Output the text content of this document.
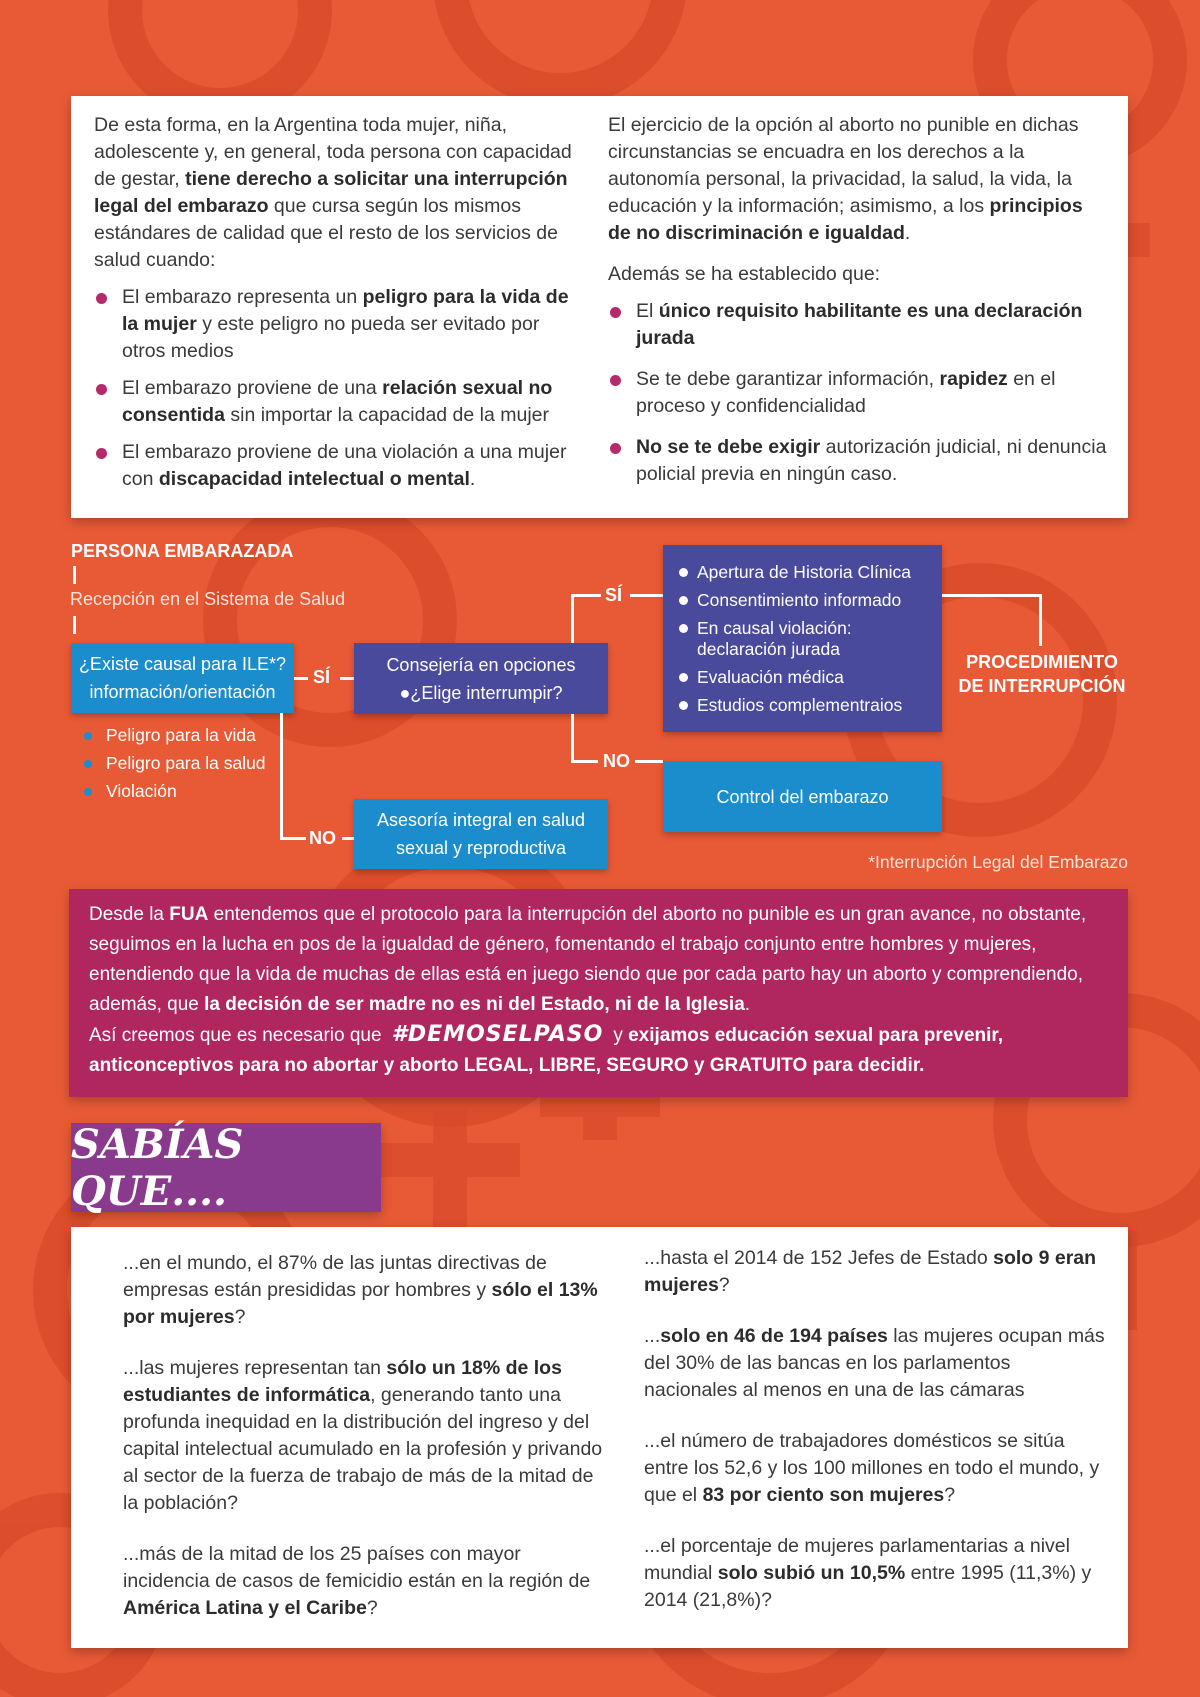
De esta forma, en la Argentina toda mujer, niña, adolescente y, en general, toda persona con capacidad de gestar, tiene derecho a solicitar una interrupción legal del embarazo que cursa según los mismos estándares de calidad que el resto de los servicios de salud cuando:

El embarazo representa un peligro para la vida de la mujer y este peligro no pueda ser evitado por otros medios
El embarazo proviene de una relación sexual no consentida sin importar la capacidad de la mujer
El embarazo proviene de una violación a una mujer con discapacidad intelectual o mental.

El ejercicio de la opción al aborto no punible en dichas circunstancias se encuadra en los derechos a la autonomía personal, la privacidad, la salud, la vida, la educación y la información; asimismo, a los principios de no discriminación e igualdad.

Además se ha establecido que:

El único requisito habilitante es una declaración jurada
Se te debe garantizar información, rapidez en el proceso y confidencialidad
No se te debe exigir autorización judicial, ni denuncia policial previa en ningún caso.
PERSONA EMBARAZADA
Recepción en el Sistema de Salud
¿Existe causal para ILE*?
información/orientación
Peligro para la vida
Peligro para la salud
Violación
SÍ
Consejería en opciones
●¿Elige interrumpir?
NO
Asesoría integral en salud
sexual y reproductiva
SÍ
NO
Apertura de Historia Clínica
Consentimiento informado
En causal violación: declaración jurada
Evaluación médica
Estudios complementraios
PROCEDIMIENTO
DE INTERRUPCIÓN
Control del embarazo
*Interrupción Legal del Embarazo

Desde la FUA entendemos que el protocolo para la interrupción del aborto no punible es un gran avance, no obstante, seguimos en la lucha en pos de la igualdad de género, fomentando el trabajo conjunto entre hombres y mujeres, entendiendo que la vida de muchas de ellas está en juego siendo que por cada parto hay un aborto y comprendiendo, además, que la decisión de ser madre no es ni del Estado, ni de la Iglesia.

Así creemos que es necesario que #DEMOSELPASO y exijamos educación sexual para prevenir, anticonceptivos para no abortar y aborto LEGAL, LIBRE, SEGURO y GRATUITO para decidir.

SABÍAS QUE....

...en el mundo, el 87% de las juntas directivas de empresas están presididas por hombres y sólo el 13% por mujeres?

...las mujeres representan tan sólo un 18% de los estudiantes de informática, generando tanto una profunda inequidad en la distribución del ingreso y del capital intelectual acumulado en la profesión y privando al sector de la fuerza de trabajo de más de la mitad de la población?

...más de la mitad de los 25 países con mayor incidencia de casos de femicidio están en la región de América Latina y el Caribe?

...hasta el 2014 de 152 Jefes de Estado solo 9 eran mujeres?

...solo en 46 de 194 países las mujeres ocupan más del 30% de las bancas en los parlamentos nacionales al menos en una de las cámaras

...el número de trabajadores domésticos se sitúa entre los 52,6 y los 100 millones en todo el mundo, y que el 83 por ciento son mujeres?

...el porcentaje de mujeres parlamentarias a nivel mundial solo subió un 10,5% entre 1995 (11,3%) y 2014 (21,8%)?
